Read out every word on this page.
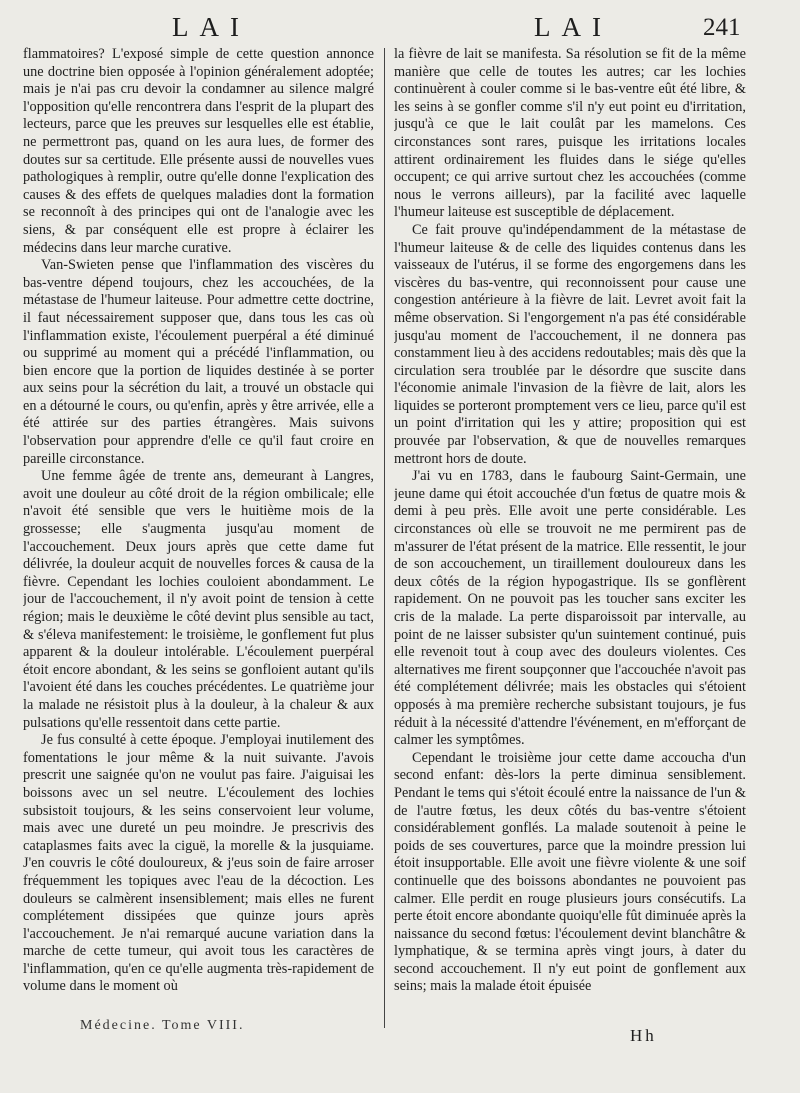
LAI	LAI	241

flammatoires? L'exposé simple de cette question annonce une doctrine bien opposée à l'opinion généralement adoptée; mais je n'ai pas cru devoir la condamner au silence malgré l'opposition qu'elle rencontrera dans l'esprit de la plupart des lecteurs, parce que les preuves sur lesquelles elle est établie, ne permettront pas, quand on les aura lues, de former des doutes sur sa certitude. Elle présente aussi de nouvelles vues pathologiques à remplir, outre qu'elle donne l'explication des causes & des effets de quelques maladies dont la formation se reconnoît à des principes qui ont de l'analogie avec les siens, & par conséquent elle est propre à éclairer les médecins dans leur marche curative.

Van-Swieten pense que l'inflammation des viscères du bas-ventre dépend toujours, chez les accouchées, de la métastase de l'humeur laiteuse. Pour admettre cette doctrine, il faut nécessairement supposer que, dans tous les cas où l'inflammation existe, l'écoulement puerpéral a été diminué ou supprimé au moment qui a précédé l'inflammation, ou bien encore que la portion de liquides destinée à se porter aux seins pour la sécrétion du lait, a trouvé un obstacle qui en a détourné le cours, ou qu'enfin, après y être arrivée, elle a été attirée sur des parties étrangères. Mais suivons l'observation pour apprendre d'elle ce qu'il faut croire en pareille circonstance.

Une femme âgée de trente ans, demeurant à Langres, avoit une douleur au côté droit de la région ombilicale; elle n'avoit été sensible que vers le huitième mois de la grossesse; elle s'augmenta jusqu'au moment de l'accouchement. Deux jours après que cette dame fut délivrée, la douleur acquit de nouvelles forces & causa de la fièvre. Cependant les lochies couloient abondamment. Le jour de l'accouchement, il n'y avoit point de tension à cette région; mais le deuxième le côté devint plus sensible au tact, & s'éleva manifestement: le troisième, le gonflement fut plus apparent & la douleur intolérable. L'écoulement puerpéral étoit encore abondant, & les seins se gonfloient autant qu'ils l'avoient été dans les couches précédentes. Le quatrième jour la malade ne résistoit plus à la douleur, à la chaleur & aux pulsations qu'elle ressentoit dans cette partie.

Je fus consulté à cette époque. J'employai inutilement des fomentations le jour même & la nuit suivante. J'avois prescrit une saignée qu'on ne voulut pas faire. J'aiguisai les boissons avec un sel neutre. L'écoulement des lochies subsistoit toujours, & les seins conservoient leur volume, mais avec une dureté un peu moindre. Je prescrivis des cataplasmes faits avec la ciguë, la morelle & la jusquiame. J'en couvris le côté douloureux, & j'eus soin de faire arroser fréquemment les topiques avec l'eau de la décoction. Les douleurs se calmèrent insensiblement; mais elles ne furent complétement dissipées que quinze jours après l'accouchement. Je n'ai remarqué aucune variation dans la marche de cette tumeur, qui avoit tous les caractères de l'inflammation, qu'en ce qu'elle augmenta très-rapidement de volume dans le moment où

la fièvre de lait se manifesta. Sa résolution se fit de la même manière que celle de toutes les autres; car les lochies continuèrent à couler comme si le bas-ventre eût été libre, & les seins à se gonfler comme s'il n'y eut point eu d'irritation, jusqu'à ce que le lait coulât par les mamelons. Ces circonstances sont rares, puisque les irritations locales attirent ordinairement les fluides dans le siége qu'elles occupent; ce qui arrive surtout chez les accouchées (comme nous le verrons ailleurs), par la facilité avec laquelle l'humeur laiteuse est susceptible de déplacement.

Ce fait prouve qu'indépendamment de la métastase de l'humeur laiteuse & de celle des liquides contenus dans les vaisseaux de l'utérus, il se forme des engorgemens dans les viscères du bas-ventre, qui reconnoissent pour cause une congestion antérieure à la fièvre de lait. Levret avoit fait la même observation. Si l'engorgement n'a pas été considérable jusqu'au moment de l'accouchement, il ne donnera pas constamment lieu à des accidens redoutables; mais dès que la circulation sera troublée par le désordre que suscite dans l'économie animale l'invasion de la fièvre de lait, alors les liquides se porteront promptement vers ce lieu, parce qu'il est un point d'irritation qui les y attire; proposition qui est prouvée par l'observation, & que de nouvelles remarques mettront hors de doute.

J'ai vu en 1783, dans le faubourg Saint-Germain, une jeune dame qui étoit accouchée d'un fœtus de quatre mois & demi à peu près. Elle avoit une perte considérable. Les circonstances où elle se trouvoit ne me permirent pas de m'assurer de l'état présent de la matrice. Elle ressentit, le jour de son accouchement, un tiraillement douloureux dans les deux côtés de la région hypogastrique. Ils se gonflèrent rapidement. On ne pouvoit pas les toucher sans exciter les cris de la malade. La perte disparoissoit par intervalle, au point de ne laisser subsister qu'un suintement continué, puis elle revenoit tout à coup avec des douleurs violentes. Ces alternatives me firent soupçonner que l'accouchée n'avoit pas été complétement délivrée; mais les obstacles qui s'étoient opposés à ma première recherche subsistant toujours, je fus réduit à la nécessité d'attendre l'événement, en m'efforçant de calmer les symptômes.

Cependant le troisième jour cette dame accoucha d'un second enfant: dès-lors la perte diminua sensiblement. Pendant le tems qui s'étoit écoulé entre la naissance de l'un & de l'autre fœtus, les deux côtés du bas-ventre s'étoient considérablement gonflés. La malade soutenoit à peine le poids de ses couvertures, parce que la moindre pression lui étoit insupportable. Elle avoit une fièvre violente & une soif continuelle que des boissons abondantes ne pouvoient pas calmer. Elle perdit en rouge plusieurs jours consécutifs. La perte étoit encore abondante quoiqu'elle fût diminuée après la naissance du second fœtus: l'écoulement devint blanchâtre & lymphatique, & se termina après vingt jours, à dater du second accouchement. Il n'y eut point de gonflement aux seins; mais la malade étoit épuisée

Médecine. Tome VIII.
Hh
